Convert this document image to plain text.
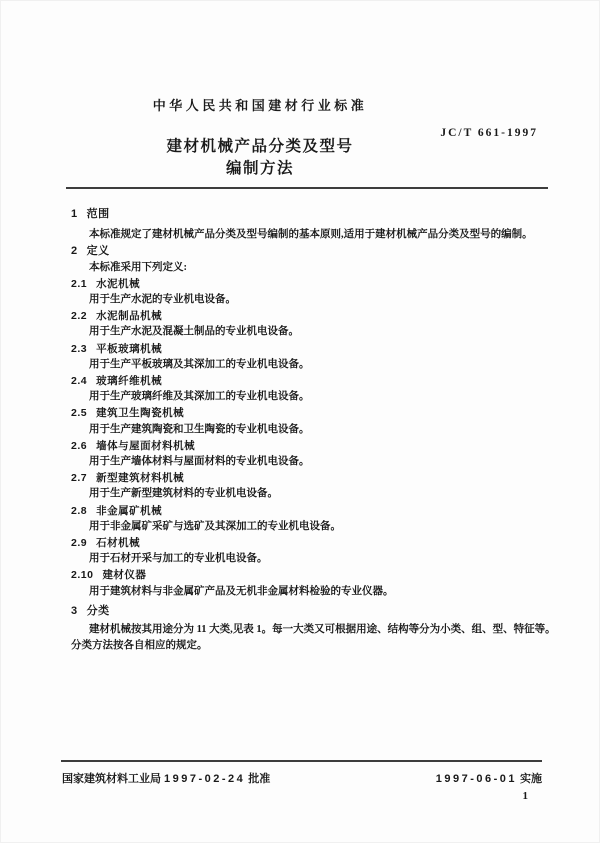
中华人民共和国建材行业标准
JC/T 661-1997
建材机械产品分类及型号
编制方法
1 范围

本标准规定了建材机械产品分类及型号编制的基本原则,适用于建材机械产品分类及型号的编制。

2 定义

本标准采用下列定义:

2.1 水泥机械

用于生产水泥的专业机电设备。

2.2 水泥制品机械

用于生产水泥及混凝土制品的专业机电设备。

2.3 平板玻璃机械

用于生产平板玻璃及其深加工的专业机电设备。

2.4 玻璃纤维机械

用于生产玻璃纤维及其深加工的专业机电设备。

2.5 建筑卫生陶瓷机械

用于生产建筑陶瓷和卫生陶瓷的专业机电设备。

2.6 墙体与屋面材料机械

用于生产墙体材料与屋面材料的专业机电设备。

2.7 新型建筑材料机械

用于生产新型建筑材料的专业机电设备。

2.8 非金属矿机械

用于非金属矿采矿与选矿及其深加工的专业机电设备。

2.9 石材机械

用于石材开采与加工的专业机电设备。

2.10 建材仪器

用于建筑材料与非金属矿产品及无机非金属材料检验的专业仪器。

3 分类

建材机械按其用途分为 11 大类,见表 1。每一大类又可根据用途、结构等分为小类、组、型、特征等。分类方法按各自相应的规定。

国家建筑材料工业局 1997-02-24 批准	1997-06-01 实施
1
